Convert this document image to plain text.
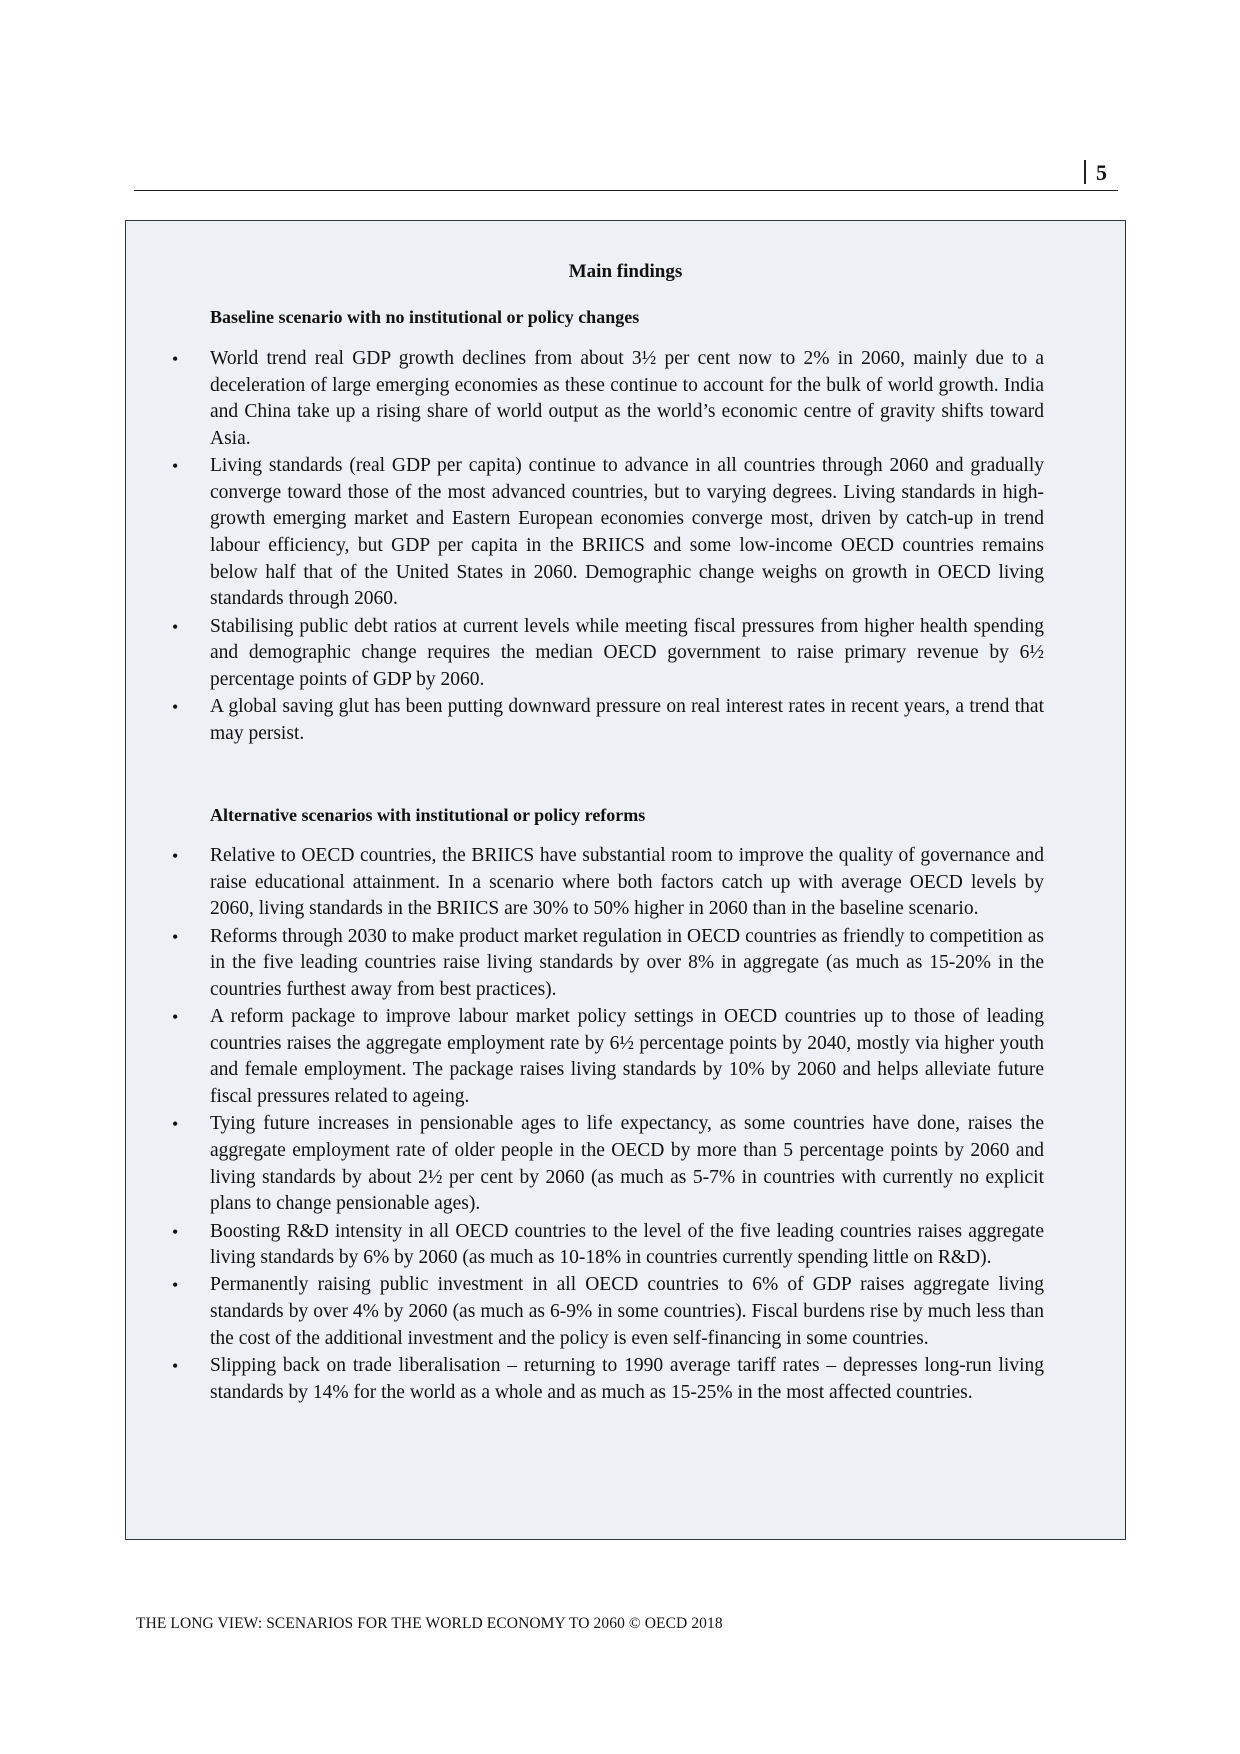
5
Main findings
Baseline scenario with no institutional or policy changes
• World trend real GDP growth declines from about 3½ per cent now to 2% in 2060, mainly due to a deceleration of large emerging economies as these continue to account for the bulk of world growth. India and China take up a rising share of world output as the world’s economic centre of gravity shifts toward Asia.
• Living standards (real GDP per capita) continue to advance in all countries through 2060 and gradually converge toward those of the most advanced countries, but to varying degrees. Living standards in high-growth emerging market and Eastern European economies converge most, driven by catch-up in trend labour efficiency, but GDP per capita in the BRIICS and some low-income OECD countries remains below half that of the United States in 2060. Demographic change weighs on growth in OECD living standards through 2060.
• Stabilising public debt ratios at current levels while meeting fiscal pressures from higher health spending and demographic change requires the median OECD government to raise primary revenue by 6½ percentage points of GDP by 2060.
• A global saving glut has been putting downward pressure on real interest rates in recent years, a trend that may persist.
Alternative scenarios with institutional or policy reforms
• Relative to OECD countries, the BRIICS have substantial room to improve the quality of governance and raise educational attainment. In a scenario where both factors catch up with average OECD levels by 2060, living standards in the BRIICS are 30% to 50% higher in 2060 than in the baseline scenario.
• Reforms through 2030 to make product market regulation in OECD countries as friendly to competition as in the five leading countries raise living standards by over 8% in aggregate (as much as 15-20% in the countries furthest away from best practices).
• A reform package to improve labour market policy settings in OECD countries up to those of leading countries raises the aggregate employment rate by 6½ percentage points by 2040, mostly via higher youth and female employment. The package raises living standards by 10% by 2060 and helps alleviate future fiscal pressures related to ageing.
• Tying future increases in pensionable ages to life expectancy, as some countries have done, raises the aggregate employment rate of older people in the OECD by more than 5 percentage points by 2060 and living standards by about 2½ per cent by 2060 (as much as 5-7% in countries with currently no explicit plans to change pensionable ages).
• Boosting R&D intensity in all OECD countries to the level of the five leading countries raises aggregate living standards by 6% by 2060 (as much as 10-18% in countries currently spending little on R&D).
• Permanently raising public investment in all OECD countries to 6% of GDP raises aggregate living standards by over 4% by 2060 (as much as 6-9% in some countries). Fiscal burdens rise by much less than the cost of the additional investment and the policy is even self-financing in some countries.
• Slipping back on trade liberalisation – returning to 1990 average tariff rates – depresses long-run living standards by 14% for the world as a whole and as much as 15-25% in the most affected countries.
THE LONG VIEW: SCENARIOS FOR THE WORLD ECONOMY TO 2060 © OECD 2018
